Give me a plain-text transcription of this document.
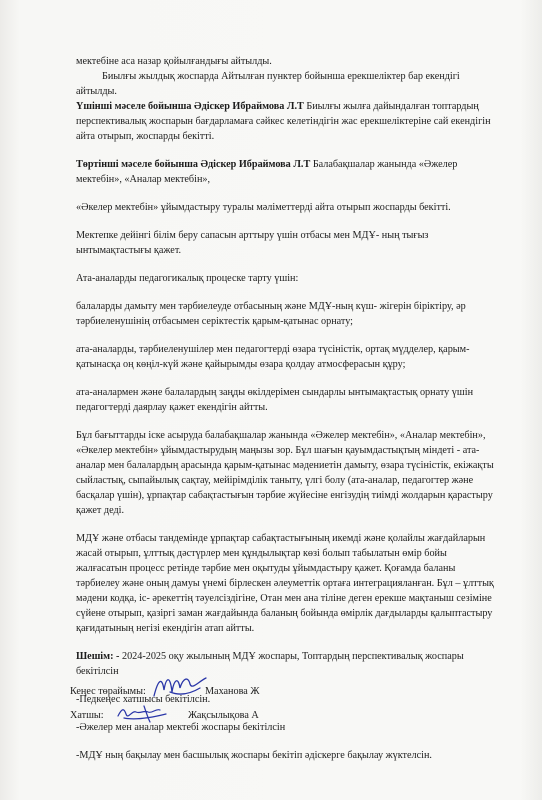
мектебіне аса назар қойылғандығы айтылды.

Биылғы жылдық жоспарда Айтылған пунктер бойынша ерекшеліктер бар екендігі айтылды.

Үшінші мәселе бойынша Әдіскер Ибраймова Л.Т Биылғы жылға дайындалған топтардың перспективалық жоспарын бағдарламаға сәйкес келетіндігін жас ерекшеліктеріне сай екендігін айта отырып, жоспарды бекітті.

Төртінші мәселе бойынша Әдіскер Ибраймова Л.Т Балабақшалар жанында «Әжелер мектебін», «Аналар мектебін»,

«Әкелер мектебін» ұйымдастыру туралы мәліметтерді айта отырып жоспарды бекітті.

Мектепке дейінгі білім беру сапасын арттыру үшін отбасы мен МДҰ- ның тығыз ынтымақтастығы қажет.

Ата-аналарды педагогикалық процеске тарту үшін:

балаларды дамыту мен тәрбиелеуде отбасының және МДҰ-ның күш- жігерін біріктіру, әр тәрбиеленушінің отбасымен серіктестік қарым-қатынас орнату;

ата-аналарды, тәрбиеленушілер мен педагогтерді өзара түсіністік, ортақ мүдделер, қарым-қатынасқа оң көңіл-күй және қайырымды өзара қолдау атмосферасын құру;

ата-аналармен және балалардың заңды өкілдерімен сындарлы ынтымақтастық орнату үшін педагогтерді даярлау қажет екендігін айтты.

Бұл бағыттарды іске асыруда балабақшалар жанында «Әжелер мектебін», «Аналар мектебін», «Әкелер мектебін» ұйымдастырудың маңызы зор. Бұл шағын қауымдастықтың міндеті - ата-аналар мен балалардың арасында қарым-қатынас мәдениетін дамыту, өзара түсіністік, екіжақты сыйластық, сыпайылық сақтау, мейірімділік таныту, үлгі болу (ата-аналар, педагогтер және басқалар үшін), ұрпақтар сабақтастығын тәрбие жүйесіне енгізудің тиімді жолдарын қарастыру қажет деді.

МДҰ және отбасы тандемінде ұрпақтар сабақтастығының икемді және қолайлы жағдайларын жасай отырып, ұлттық дәстүрлер мен құндылықтар көзі болып табылатын өмір бойы жалғасатын процесс ретінде тәрбие мен оқытуды ұйымдастыру қажет. Қоғамда баланы тәрбиелеу және оның дамуы үнемі бірлескен әлеуметтік ортаға интеграцияланған. Бұл – ұлттық мәдени кодқа, іс- әрекеттің тәуелсіздігіне, Отан мен ана тіліне деген ерекше мақтаныш сезіміне сүйене отырып, қазіргі заман жағдайында баланың бойында өмірлік дағдыларды қалыптастыру қағидатының негізі екендігін атап айтты.

Шешім: - 2024-2025 оқу жылының МДҰ жоспары, Топтардың перспективалық жоспары бекітілсін

-Педкеңес хатшысы бекітілсін.

-Әжелер мен аналар мектебі жоспары бекітілсін

-МДҰ ның бақылау мен басшылық жоспары бекітіп әдіскерге бақылау жүктелсін.

Кеңес төрайымы:	Маханова Ж
Хатшы:	Жақсылықова А
